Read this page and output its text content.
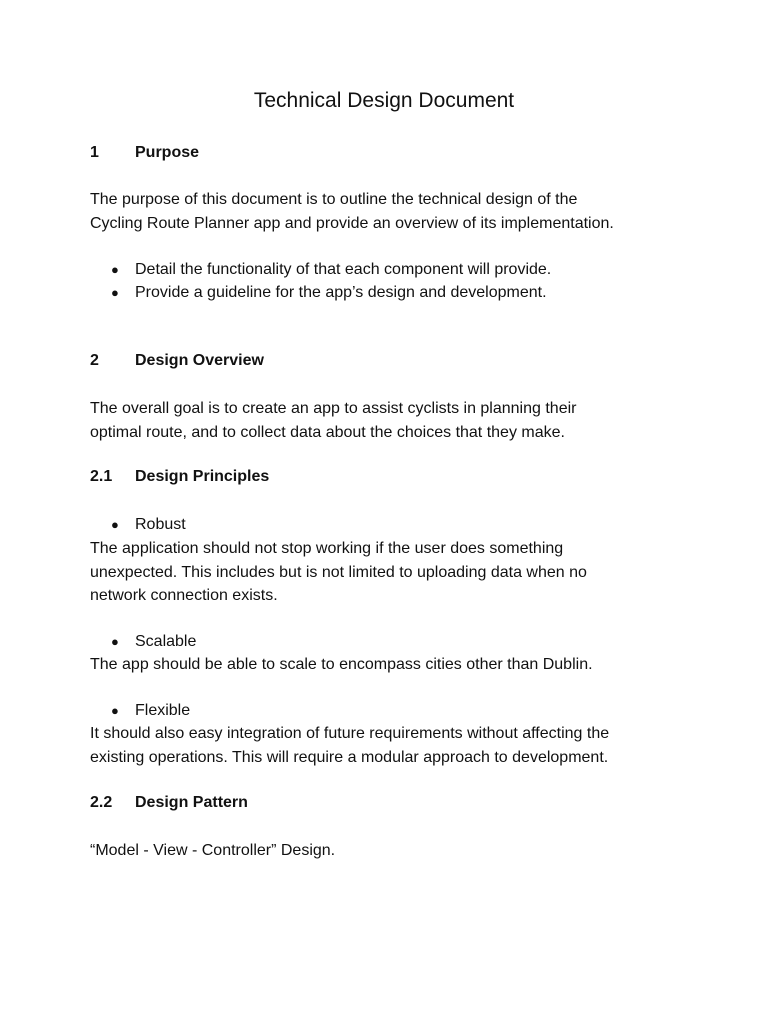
Technical Design Document
1 Purpose
The purpose of this document is to outline the technical design of the
Cycling Route Planner app and provide an overview of its implementation.
● Detail the functionality of that each component will provide.
● Provide a guideline for the app’s design and development.
2 Design Overview
The overall goal is to create an app to assist cyclists in planning their
optimal route, and to collect data about the choices that they make.
2.1 Design Principles
● Robust
The application should not stop working if the user does something
unexpected. This includes but is not limited to uploading data when no
network connection exists.
● Scalable
The app should be able to scale to encompass cities other than Dublin.
● Flexible
It should also easy integration of future requirements without affecting the
existing operations. This will require a modular approach to development.
2.2 Design Pattern
“Model - View - Controller” Design.
